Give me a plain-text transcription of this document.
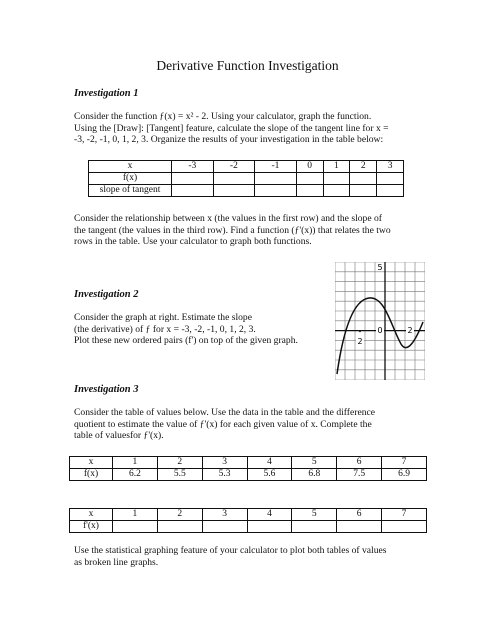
Derivative Function Investigation
Investigation 1
Consider the function ƒ(x) = x² - 2. Using your calculator, graph the function.
Using the [Draw]: [Tangent] feature, calculate the slope of the tangent line for x =
-3, -2, -1, 0, 1, 2, 3. Organize the results of your investigation in the table below:
x	-3	-2	-1	0	1	2	3
f(x)							
slope of tangent							
Consider the relationship between x (the values in the first row) and the slope of
the tangent (the values in the third row). Find a function (ƒ'(x)) that relates the two
rows in the table. Use your calculator to graph both functions.
Investigation 2
Consider the graph at right. Estimate the slope
(the derivative) of ƒ for x = -3, -2, -1, 0, 1, 2, 3.
Plot these new ordered pairs (f') on top of the given graph.
5
- 0	2
2
Investigation 3
Consider the table of values below. Use the data in the table and the difference
quotient to estimate the value of ƒ'(x) for each given value of x. Complete the
table of valuesfor ƒ'(x).
x	1	2	3	4	5	6	7
f(x)	6.2	5.5	5.3	5.6	6.8	7.5	6.9
x	1	2	3	4	5	6	7
f'(x)							
Use the statistical graphing feature of your calculator to plot both tables of values
as broken line graphs.
